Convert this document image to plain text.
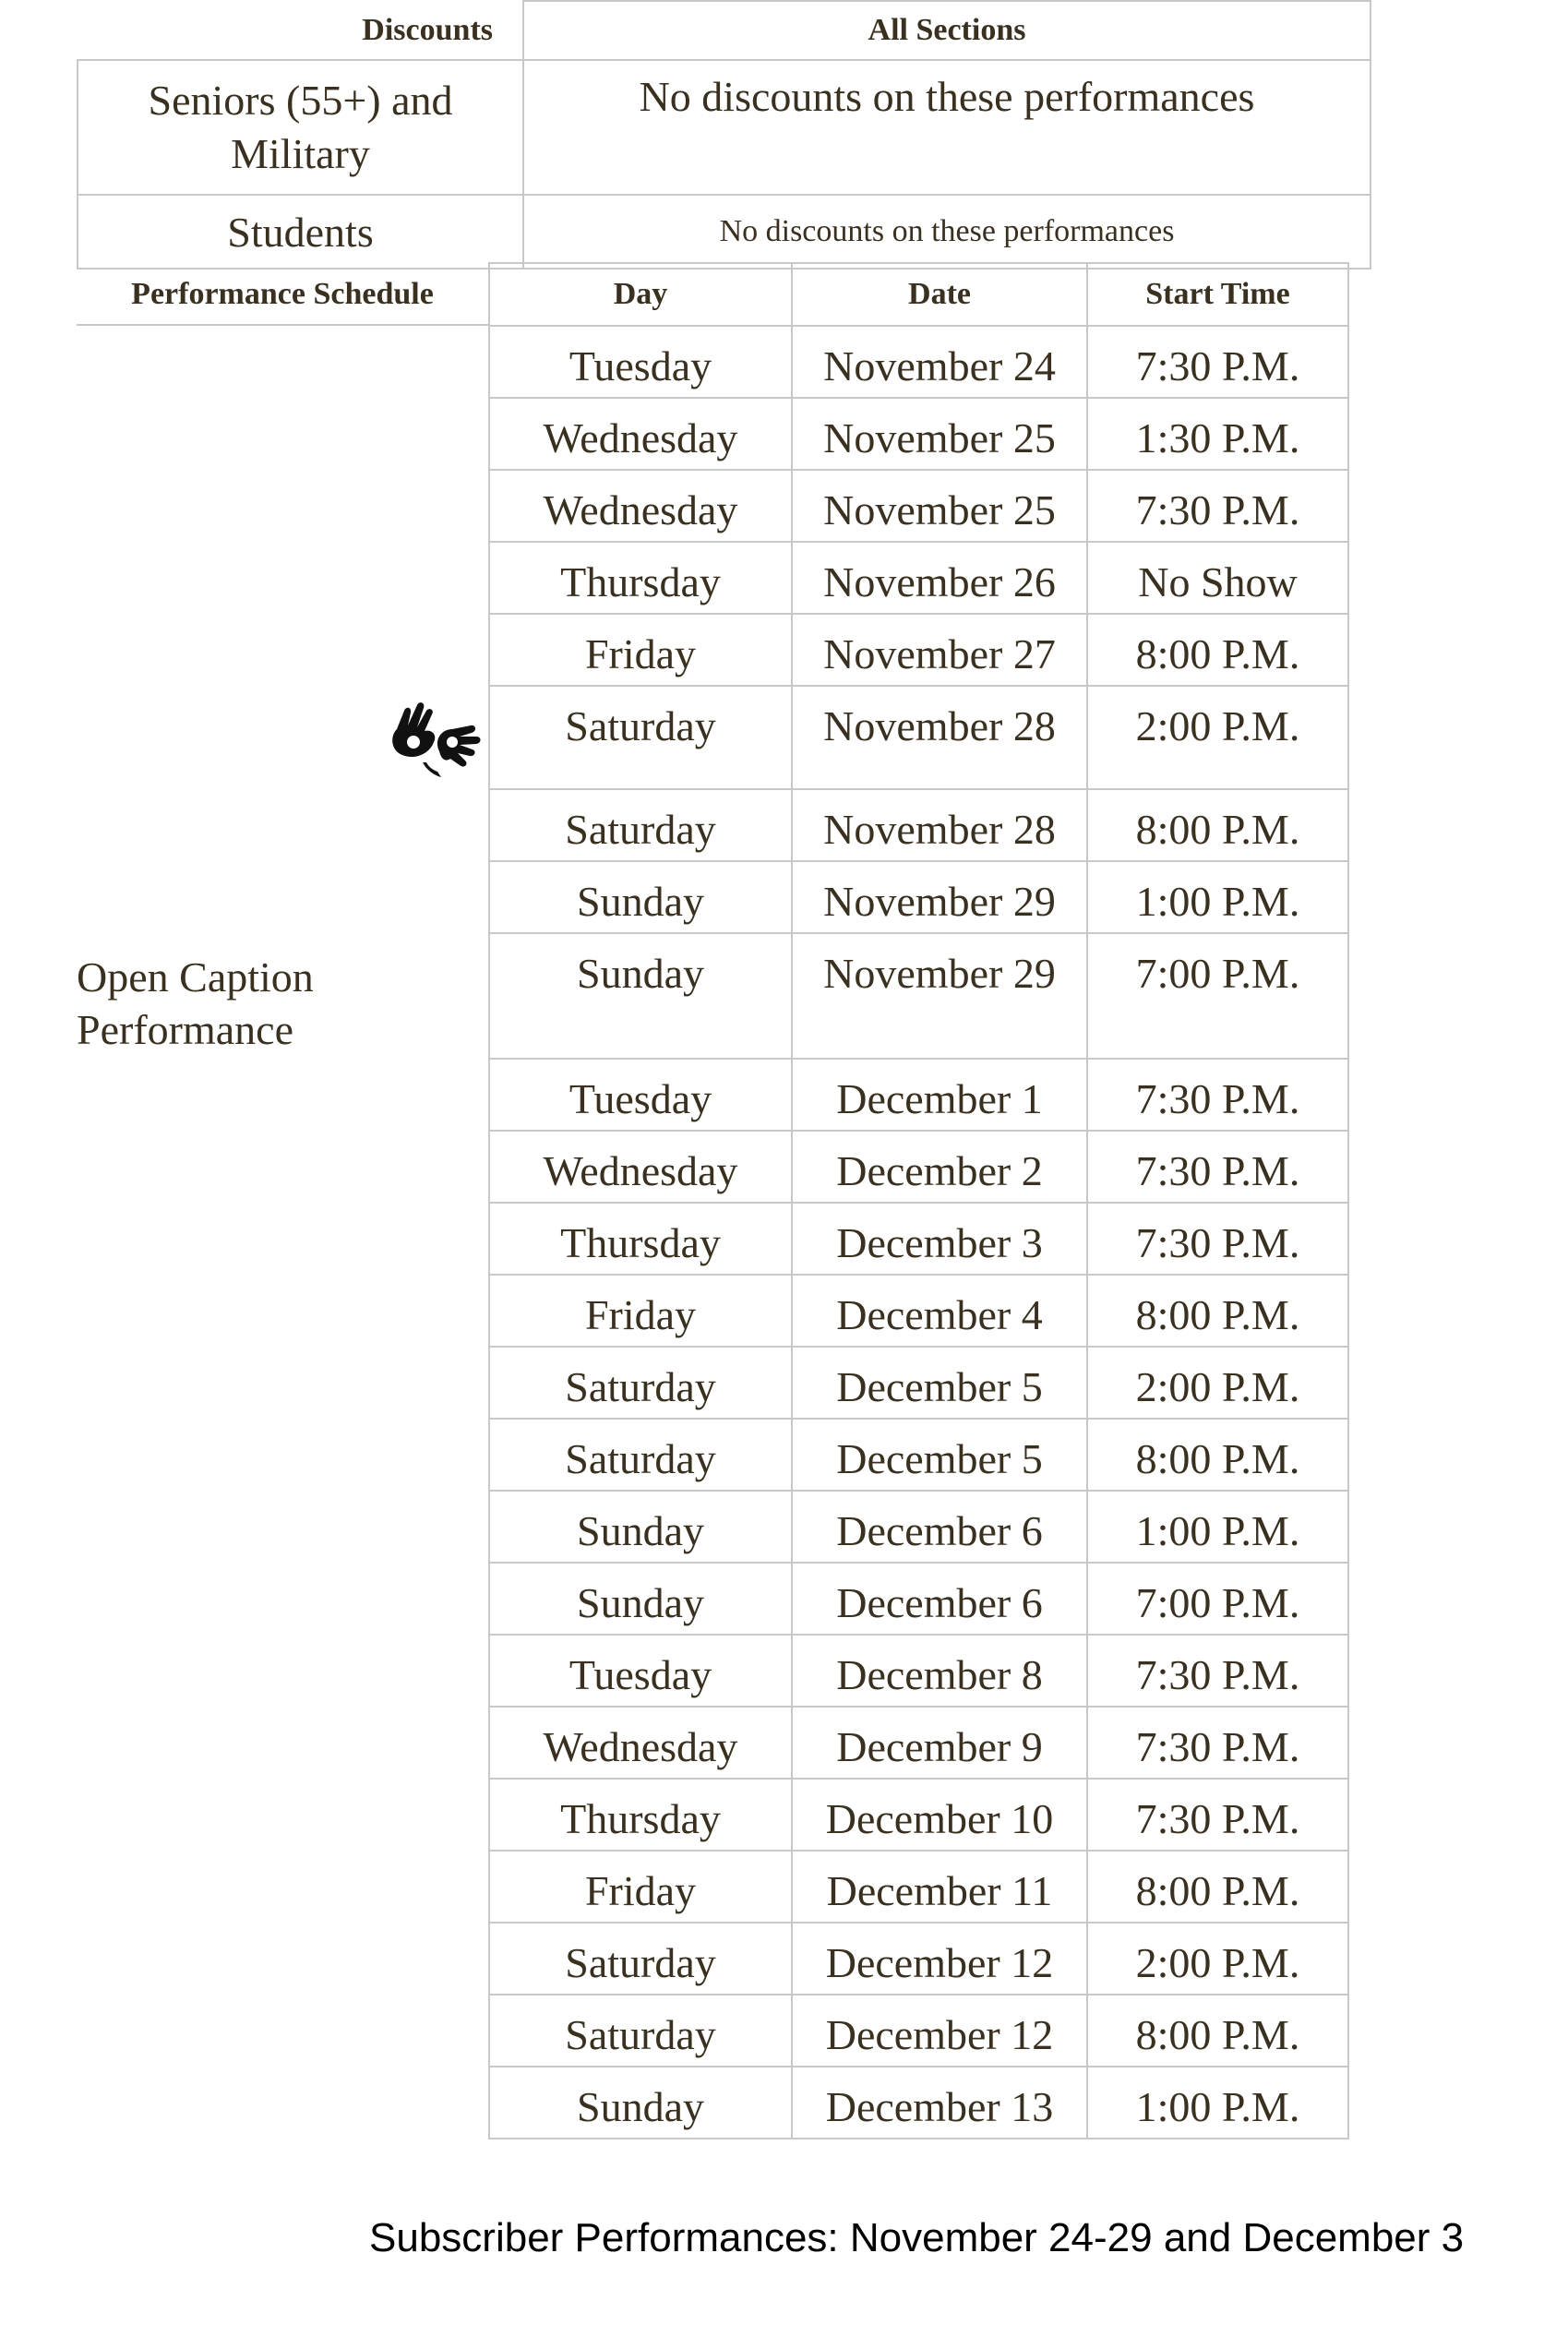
Discounts	All Sections
Seniors (55+) and Military	No discounts on these performances
Students	No discounts on these performances
Performance Schedule	Day	Date	Start Time
Tuesday	November 24	7:30 P.M.
Wednesday	November 25	1:30 P.M.
Wednesday	November 25	7:30 P.M.
Thursday	November 26	No Show
Friday	November 27	8:00 P.M.
Saturday	November 28	2:00 P.M.
Saturday	November 28	8:00 P.M.
Sunday	November 29	1:00 P.M.
Sunday	November 29	7:00 P.M.
Tuesday	December 1	7:30 P.M.
Wednesday	December 2	7:30 P.M.
Thursday	December 3	7:30 P.M.
Friday	December 4	8:00 P.M.
Saturday	December 5	2:00 P.M.
Saturday	December 5	8:00 P.M.
Sunday	December 6	1:00 P.M.
Sunday	December 6	7:00 P.M.
Tuesday	December 8	7:30 P.M.
Wednesday	December 9	7:30 P.M.
Thursday	December 10	7:30 P.M.
Friday	December 11	8:00 P.M.
Saturday	December 12	2:00 P.M.
Saturday	December 12	8:00 P.M.
Sunday	December 13	1:00 P.M.
Open Caption Performance
Subscriber Performances: November 24-29 and December 3
